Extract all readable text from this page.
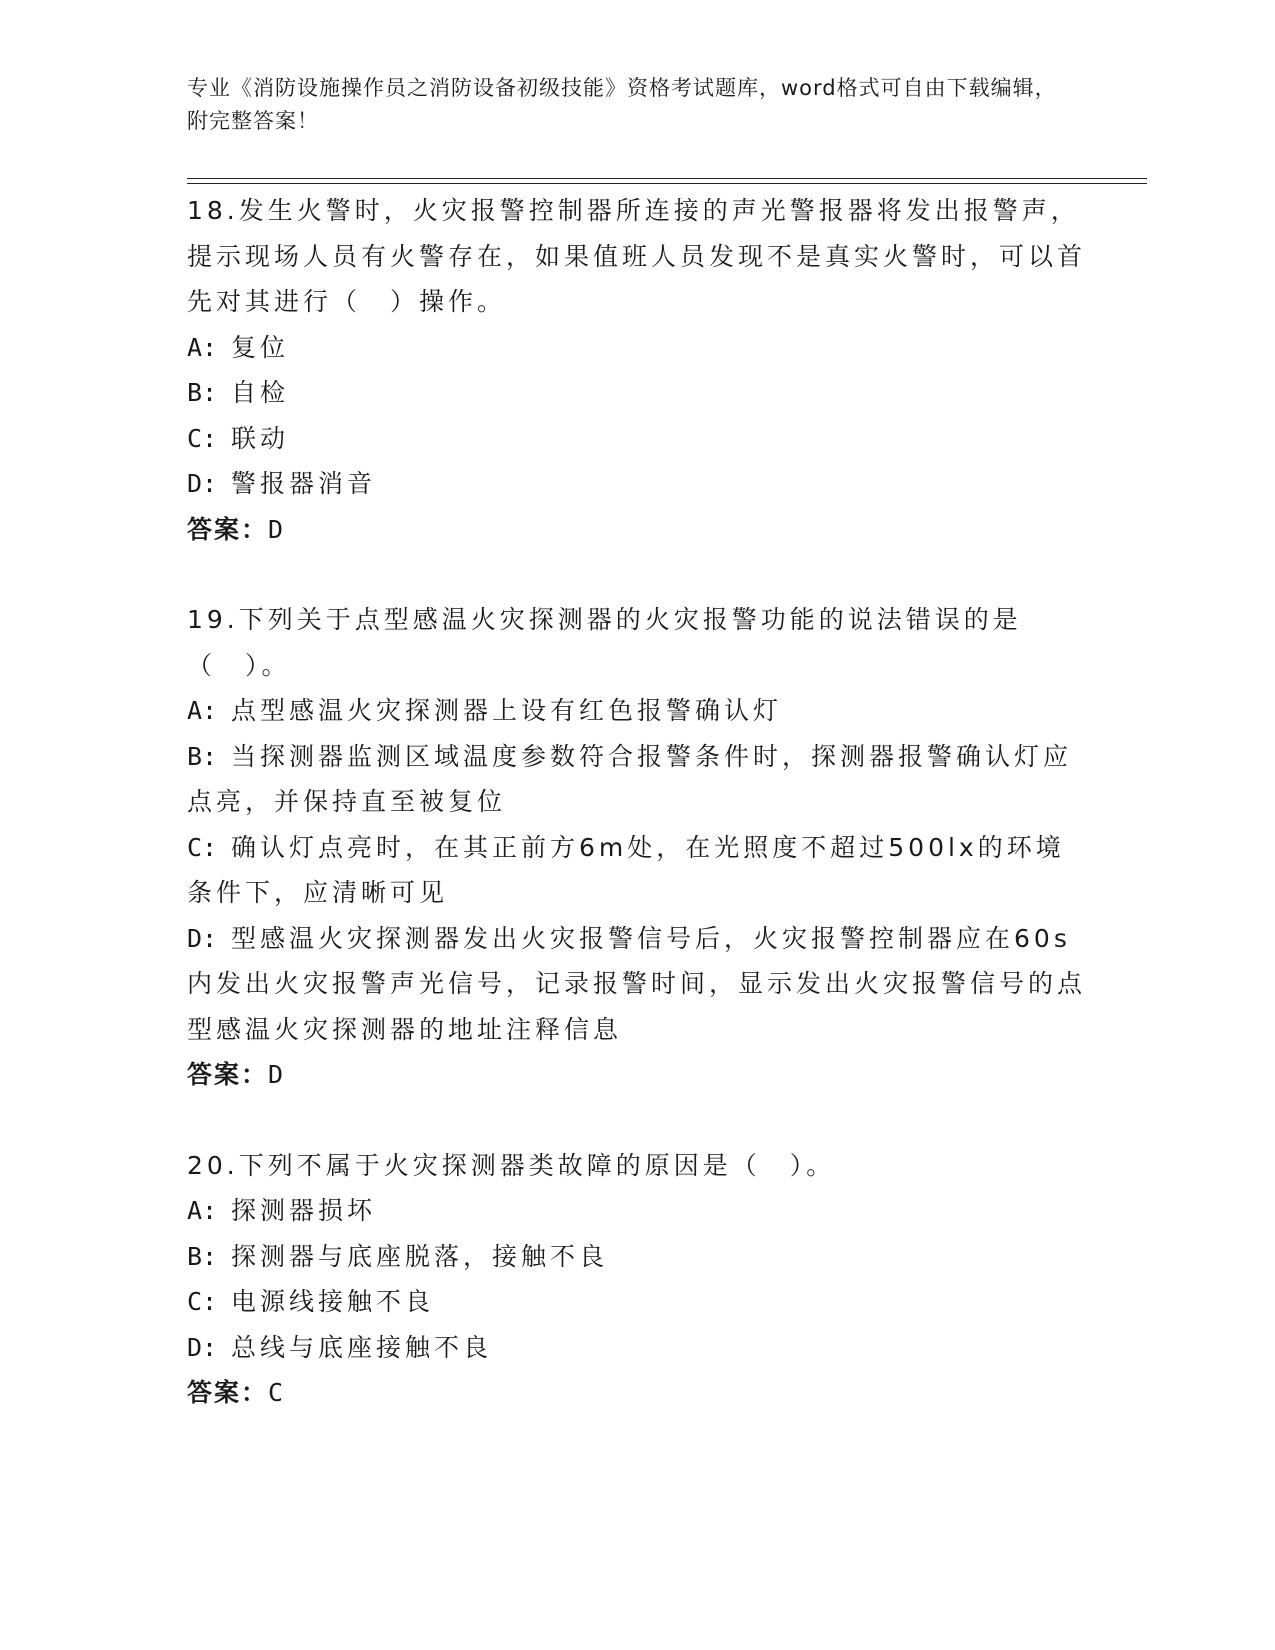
专业《消防设施操作员之消防设备初级技能》资格考试题库，word格式可自由下载编辑，附完整答案！
18.发生火警时，火灾报警控制器所连接的声光警报器将发出报警声，提示现场人员有火警存在，如果值班人员发现不是真实火警时，可以首先对其进行（　）操作。
A: 复位
B: 自检
C: 联动
D: 警报器消音
答案：D
19.下列关于点型感温火灾探测器的火灾报警功能的说法错误的是（　）。
A: 点型感温火灾探测器上设有红色报警确认灯
B: 当探测器监测区域温度参数符合报警条件时，探测器报警确认灯应点亮，并保持直至被复位
C: 确认灯点亮时，在其正前方6m处，在光照度不超过500lx的环境条件下，应清晰可见
D: 型感温火灾探测器发出火灾报警信号后，火灾报警控制器应在60s内发出火灾报警声光信号，记录报警时间，显示发出火灾报警信号的点型感温火灾探测器的地址注释信息
答案：D
20.下列不属于火灾探测器类故障的原因是（　）。
A: 探测器损坏
B: 探测器与底座脱落，接触不良
C: 电源线接触不良
D: 总线与底座接触不良
答案：C
